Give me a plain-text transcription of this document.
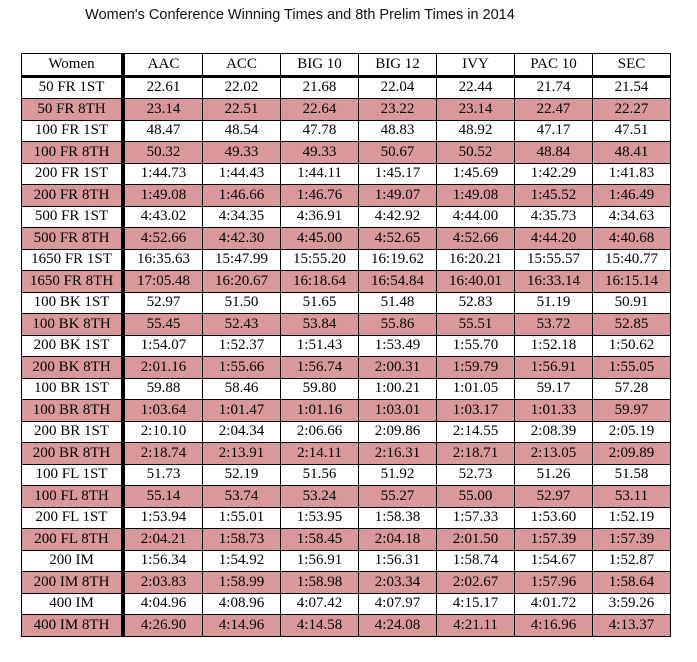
Women's Conference Winning Times and 8th Prelim Times in 2014
Women	AAC	ACC	BIG 10	BIG 12	IVY	PAC 10	SEC
50 FR 1ST	22.61	22.02	21.68	22.04	22.44	21.74	21.54
50 FR 8TH	23.14	22.51	22.64	23.22	23.14	22.47	22.27
100 FR 1ST	48.47	48.54	47.78	48.83	48.92	47.17	47.51
100 FR 8TH	50.32	49.33	49.33	50.67	50.52	48.84	48.41
200 FR 1ST	1:44.73	1:44.43	1:44.11	1:45.17	1:45.69	1:42.29	1:41.83
200 FR 8TH	1:49.08	1:46.66	1:46.76	1:49.07	1:49.08	1:45.52	1:46.49
500 FR 1ST	4:43.02	4:34.35	4:36.91	4:42.92	4:44.00	4:35.73	4:34.63
500 FR 8TH	4:52.66	4:42.30	4:45.00	4:52.65	4:52.66	4:44.20	4:40.68
1650 FR 1ST	16:35.63	15:47.99	15:55.20	16:19.62	16:20.21	15:55.57	15:40.77
1650 FR 8TH	17:05.48	16:20.67	16:18.64	16:54.84	16:40.01	16:33.14	16:15.14
100 BK 1ST	52.97	51.50	51.65	51.48	52.83	51.19	50.91
100 BK 8TH	55.45	52.43	53.84	55.86	55.51	53.72	52.85
200 BK 1ST	1:54.07	1:52.37	1:51.43	1:53.49	1:55.70	1:52.18	1:50.62
200 BK 8TH	2:01.16	1:55.66	1:56.74	2:00.31	1:59.79	1:56.91	1:55.05
100 BR 1ST	59.88	58.46	59.80	1:00.21	1:01.05	59.17	57.28
100 BR 8TH	1:03.64	1:01.47	1:01.16	1:03.01	1:03.17	1:01.33	59.97
200 BR 1ST	2:10.10	2:04.34	2:06.66	2:09.86	2:14.55	2:08.39	2:05.19
200 BR 8TH	2:18.74	2:13.91	2:14.11	2:16.31	2:18.71	2:13.05	2:09.89
100 FL 1ST	51.73	52.19	51.56	51.92	52.73	51.26	51.58
100 FL 8TH	55.14	53.74	53.24	55.27	55.00	52.97	53.11
200 FL 1ST	1:53.94	1:55.01	1:53.95	1:58.38	1:57.33	1:53.60	1:52.19
200 FL 8TH	2:04.21	1:58.73	1:58.45	2:04.18	2:01.50	1:57.39	1:57.39
200 IM	1:56.34	1:54.92	1:56.91	1:56.31	1:58.74	1:54.67	1:52.87
200 IM 8TH	2:03.83	1:58.99	1:58.98	2:03.34	2:02.67	1:57.96	1:58.64
400 IM	4:04.96	4:08.96	4:07.42	4:07.97	4:15.17	4:01.72	3:59.26
400 IM 8TH	4:26.90	4:14.96	4:14.58	4:24.08	4:21.11	4:16.96	4:13.37
